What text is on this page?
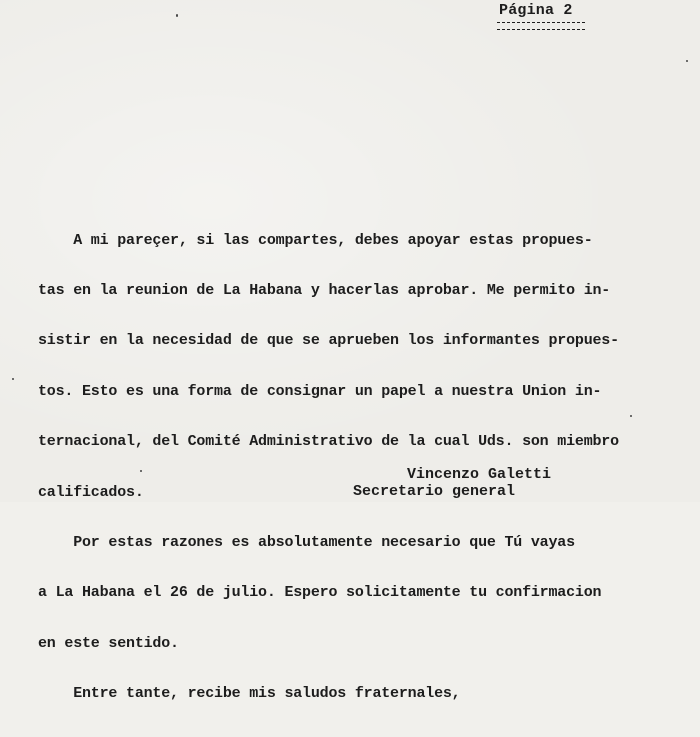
Página 2

A mi pareçer, si las compartes, debes apoyar estas propues-

tas en la reunion de La Habana y hacerlas aprobar. Me permito in-

sistir en la necesidad de que se aprueben los informantes propues-

tos. Esto es una forma de consignar un papel a nuestra Union in-

ternacional, del Comité Administrativo de la cual Uds. son miembro

calificados.

Por estas razones es absolutamente necesario que Tú vayas

a La Habana el 26 de julio. Espero solicitamente tu confirmacion

en este sentido.

Entre tante, recibe mis saludos fraternales,

Vincenzo Galetti
Secretario general
